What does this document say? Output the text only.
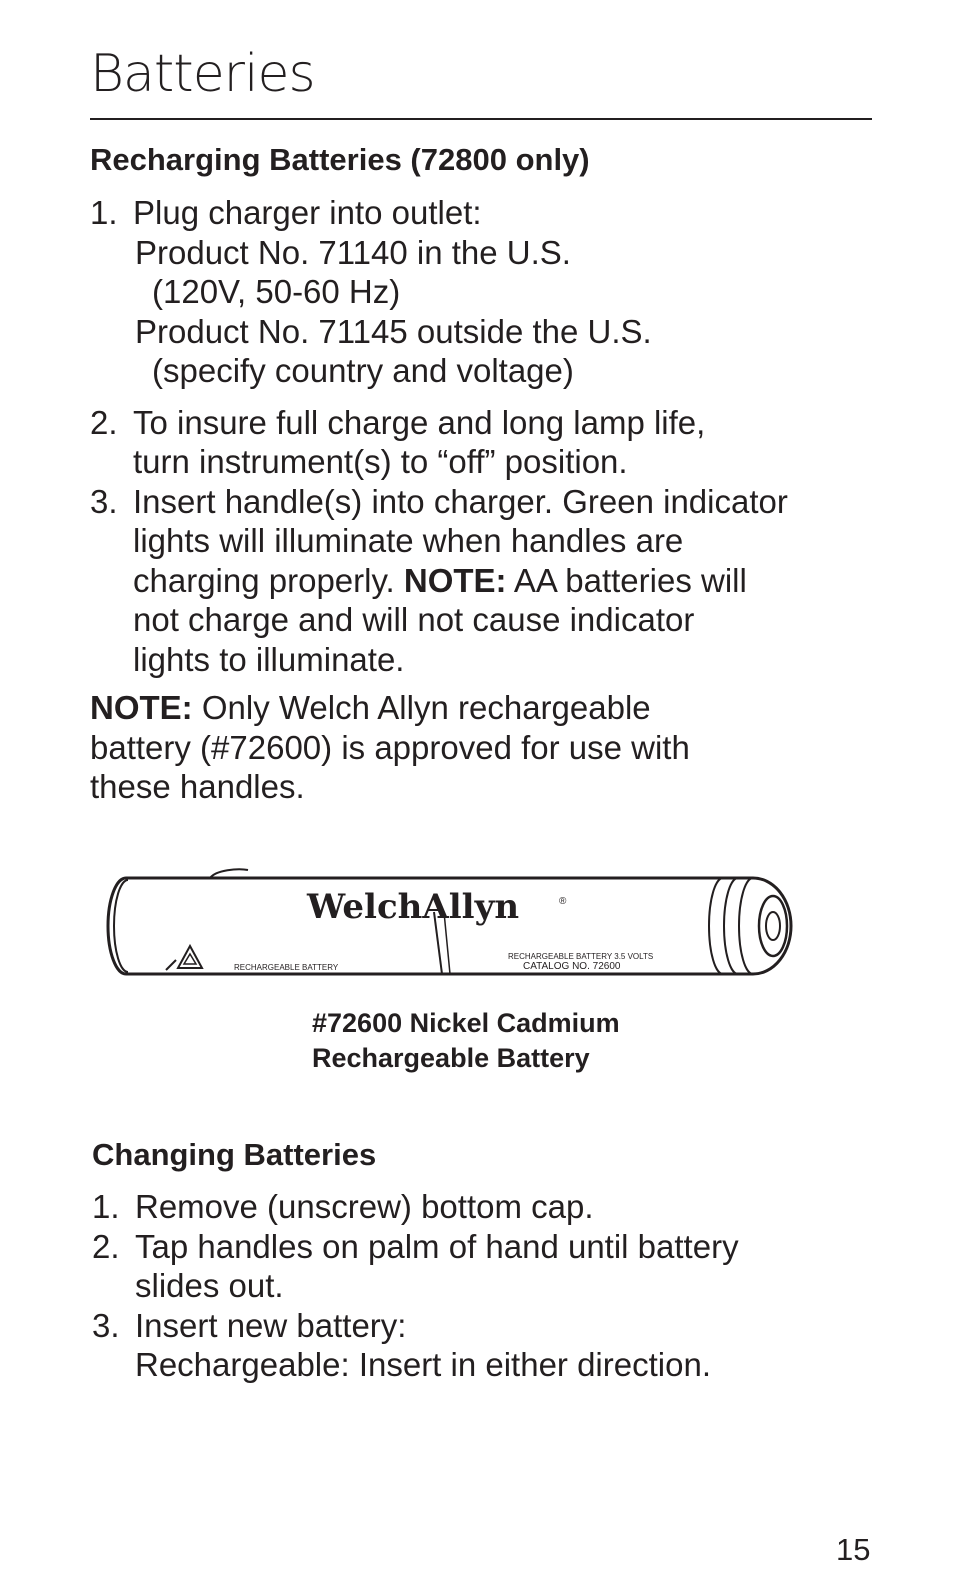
Batteries
Recharging Batteries (72800 only)
1. Plug charger into outlet:
Product No. 71140 in the U.S.
(120V, 50-60 Hz)
Product No. 71145 outside the U.S.
(specify country and voltage)
2. To insure full charge and long lamp life,
turn instrument(s) to “off” position.
3. Insert handle(s) into charger. Green indicator
lights will illuminate when handles are
charging properly. NOTE: AA batteries will
not charge and will not cause indicator
lights to illuminate.

NOTE: Only Welch Allyn rechargeable
battery (#72600) is approved for use with
these handles.

WelchAllyn	®
RECHARGEABLE BATTERY
RECHARGEABLE BATTERY 3.5 VOLTS
CATALOG NO. 72600

#72600 Nickel Cadmium
Rechargeable Battery

Changing Batteries
1. Remove (unscrew) bottom cap.
2. Tap handles on palm of hand until battery
slides out.
3. Insert new battery:
Rechargeable: Insert in either direction.
15
